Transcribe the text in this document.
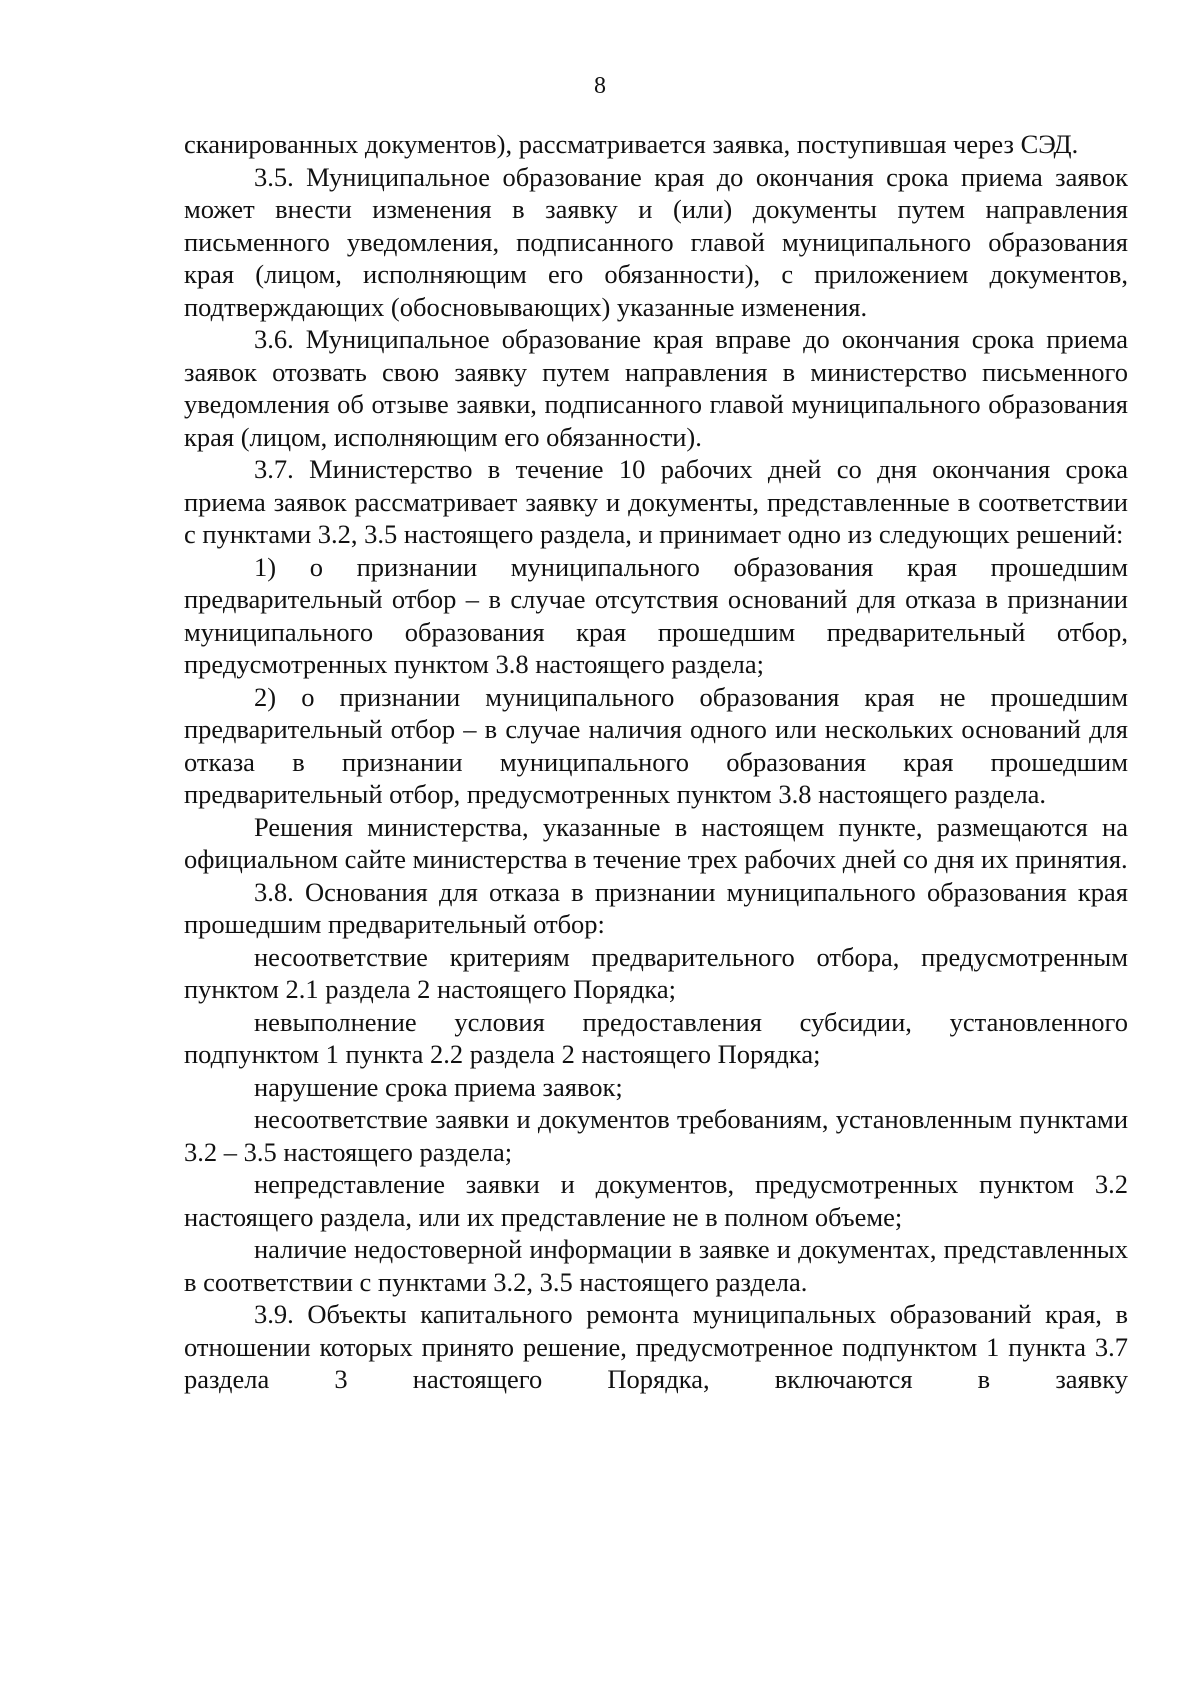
8

сканированных документов), рассматривается заявка, поступившая через СЭД.

3.5. Муниципальное образование края до окончания срока приема заявок может внести изменения в заявку и (или) документы путем направления письменного уведомления, подписанного главой муниципального образования края (лицом, исполняющим его обязанности), с приложением документов, подтверждающих (обосновывающих) указанные изменения.

3.6. Муниципальное образование края вправе до окончания срока приема заявок отозвать свою заявку путем направления в министерство письменного уведомления об отзыве заявки, подписанного главой муниципального образования края (лицом, исполняющим его обязанности).

3.7. Министерство в течение 10 рабочих дней со дня окончания срока приема заявок рассматривает заявку и документы, представленные в соответствии с пунктами 3.2, 3.5 настоящего раздела, и принимает одно из следующих решений:

1) о признании муниципального образования края прошедшим предварительный отбор – в случае отсутствия оснований для отказа в признании муниципального образования края прошедшим предварительный отбор, предусмотренных пунктом 3.8 настоящего раздела;

2) о признании муниципального образования края не прошедшим предварительный отбор – в случае наличия одного или нескольких оснований для отказа в признании муниципального образования края прошедшим предварительный отбор, предусмотренных пунктом 3.8 настоящего раздела.

Решения министерства, указанные в настоящем пункте, размещаются на официальном сайте министерства в течение трех рабочих дней со дня их принятия.

3.8. Основания для отказа в признании муниципального образования края прошедшим предварительный отбор:

несоответствие критериям предварительного отбора, предусмотренным пунктом 2.1 раздела 2 настоящего Порядка;

невыполнение условия предоставления субсидии, установленного подпунктом 1 пункта 2.2 раздела 2 настоящего Порядка;

нарушение срока приема заявок;

несоответствие заявки и документов требованиям, установленным пунктами 3.2 – 3.5 настоящего раздела;

непредставление заявки и документов, предусмотренных пунктом 3.2 настоящего раздела, или их представление не в полном объеме;

наличие недостоверной информации в заявке и документах, представленных в соответствии с пунктами 3.2, 3.5 настоящего раздела.

3.9. Объекты капитального ремонта муниципальных образований края, в отношении которых принято решение, предусмотренное подпунктом 1 пункта 3.7 раздела 3 настоящего Порядка, включаются в заявку
